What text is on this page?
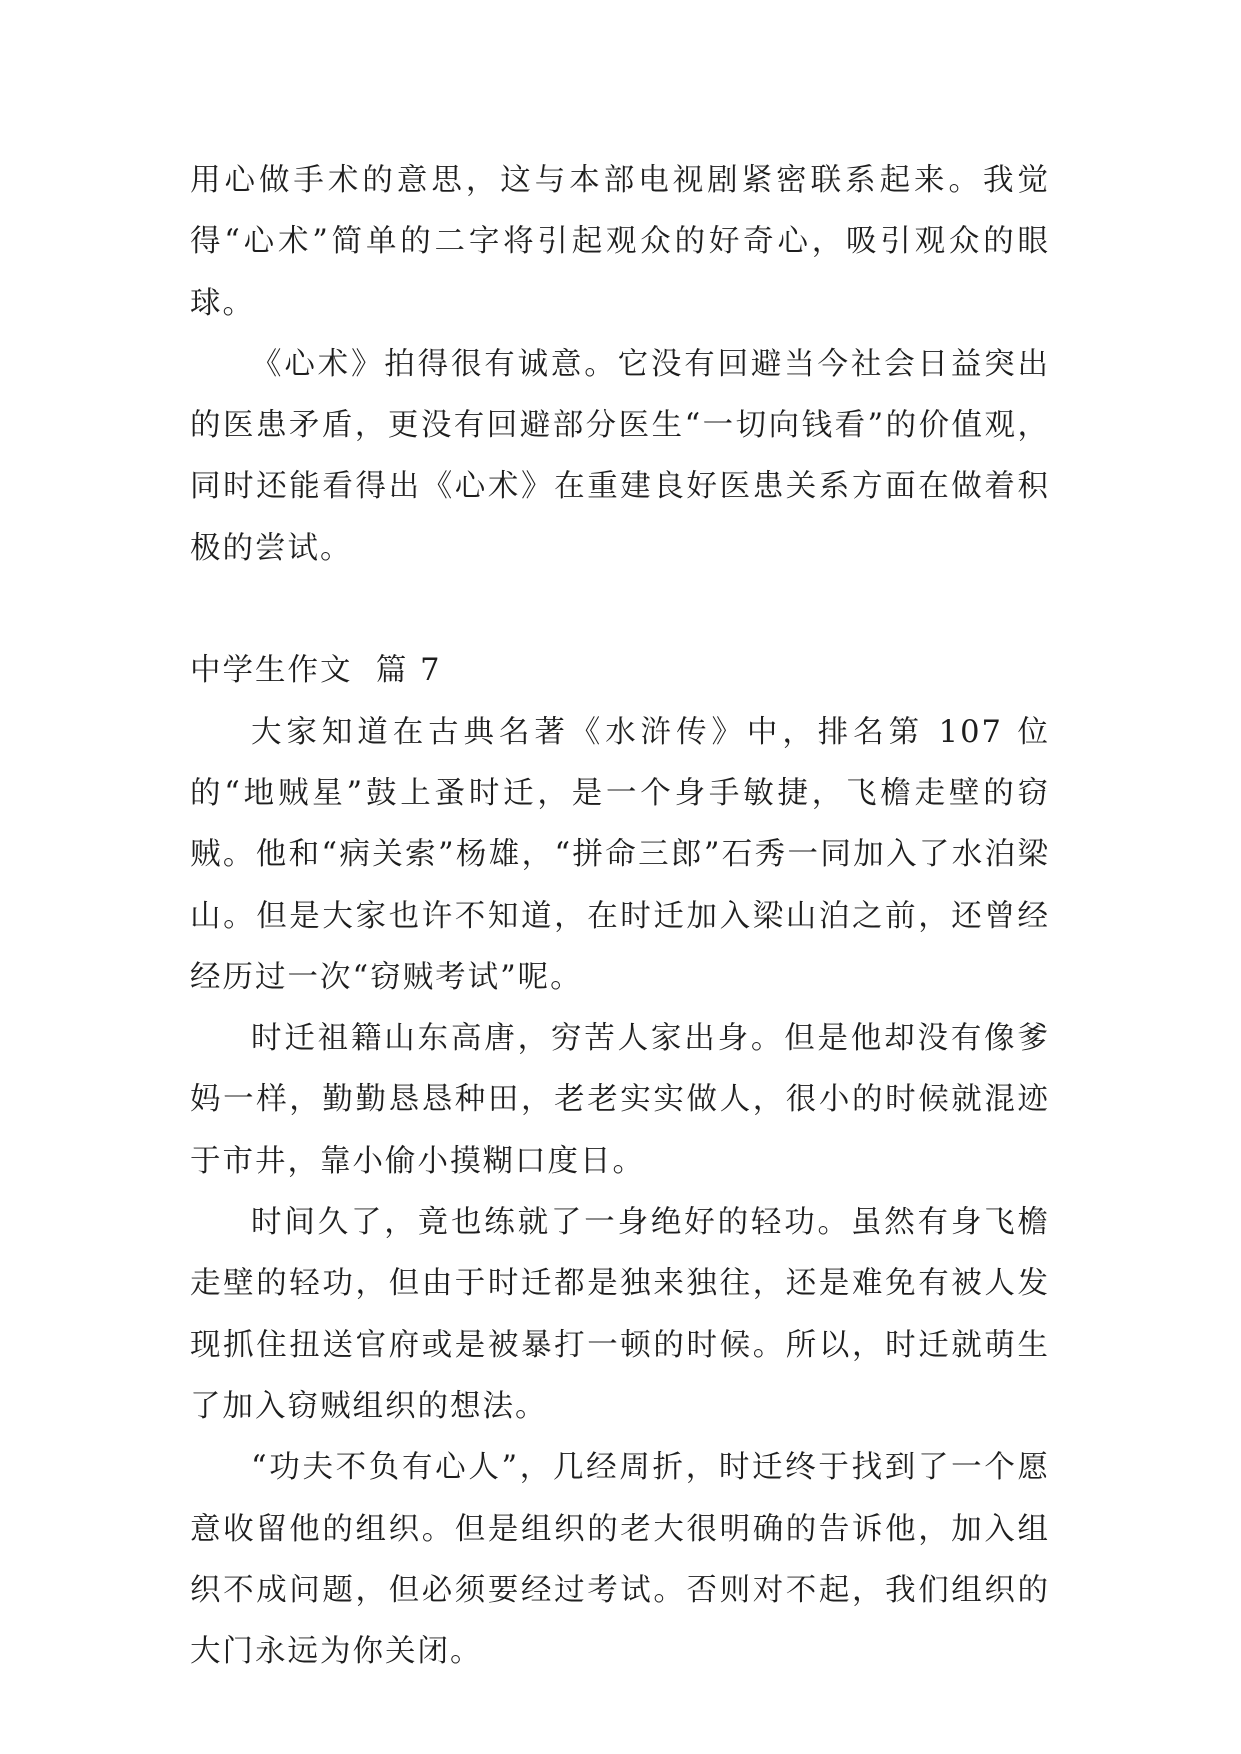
用心做手术的意思，这与本部电视剧紧密联系起来。我觉得“心术”简单的二字将引起观众的好奇心，吸引观众的眼球。

《心术》拍得很有诚意。它没有回避当今社会日益突出的医患矛盾，更没有回避部分医生“一切向钱看”的价值观，同时还能看得出《心术》在重建良好医患关系方面在做着积极的尝试。

中学生作文  篇 7

大家知道在古典名著《水浒传》中，排名第 107 位的“地贼星”鼓上蚤时迁，是一个身手敏捷，飞檐走壁的窃贼。他和“病关索”杨雄，“拼命三郎”石秀一同加入了水泊梁山。但是大家也许不知道，在时迁加入梁山泊之前，还曾经经历过一次“窃贼考试”呢。

时迁祖籍山东高唐，穷苦人家出身。但是他却没有像爹妈一样，勤勤恳恳种田，老老实实做人，很小的时候就混迹于市井，靠小偷小摸糊口度日。

时间久了，竟也练就了一身绝好的轻功。虽然有身飞檐走壁的轻功，但由于时迁都是独来独往，还是难免有被人发现抓住扭送官府或是被暴打一顿的时候。所以，时迁就萌生了加入窃贼组织的想法。

“功夫不负有心人”，几经周折，时迁终于找到了一个愿意收留他的组织。但是组织的老大很明确的告诉他，加入组织不成问题，但必须要经过考试。否则对不起，我们组织的大门永远为你关闭。
